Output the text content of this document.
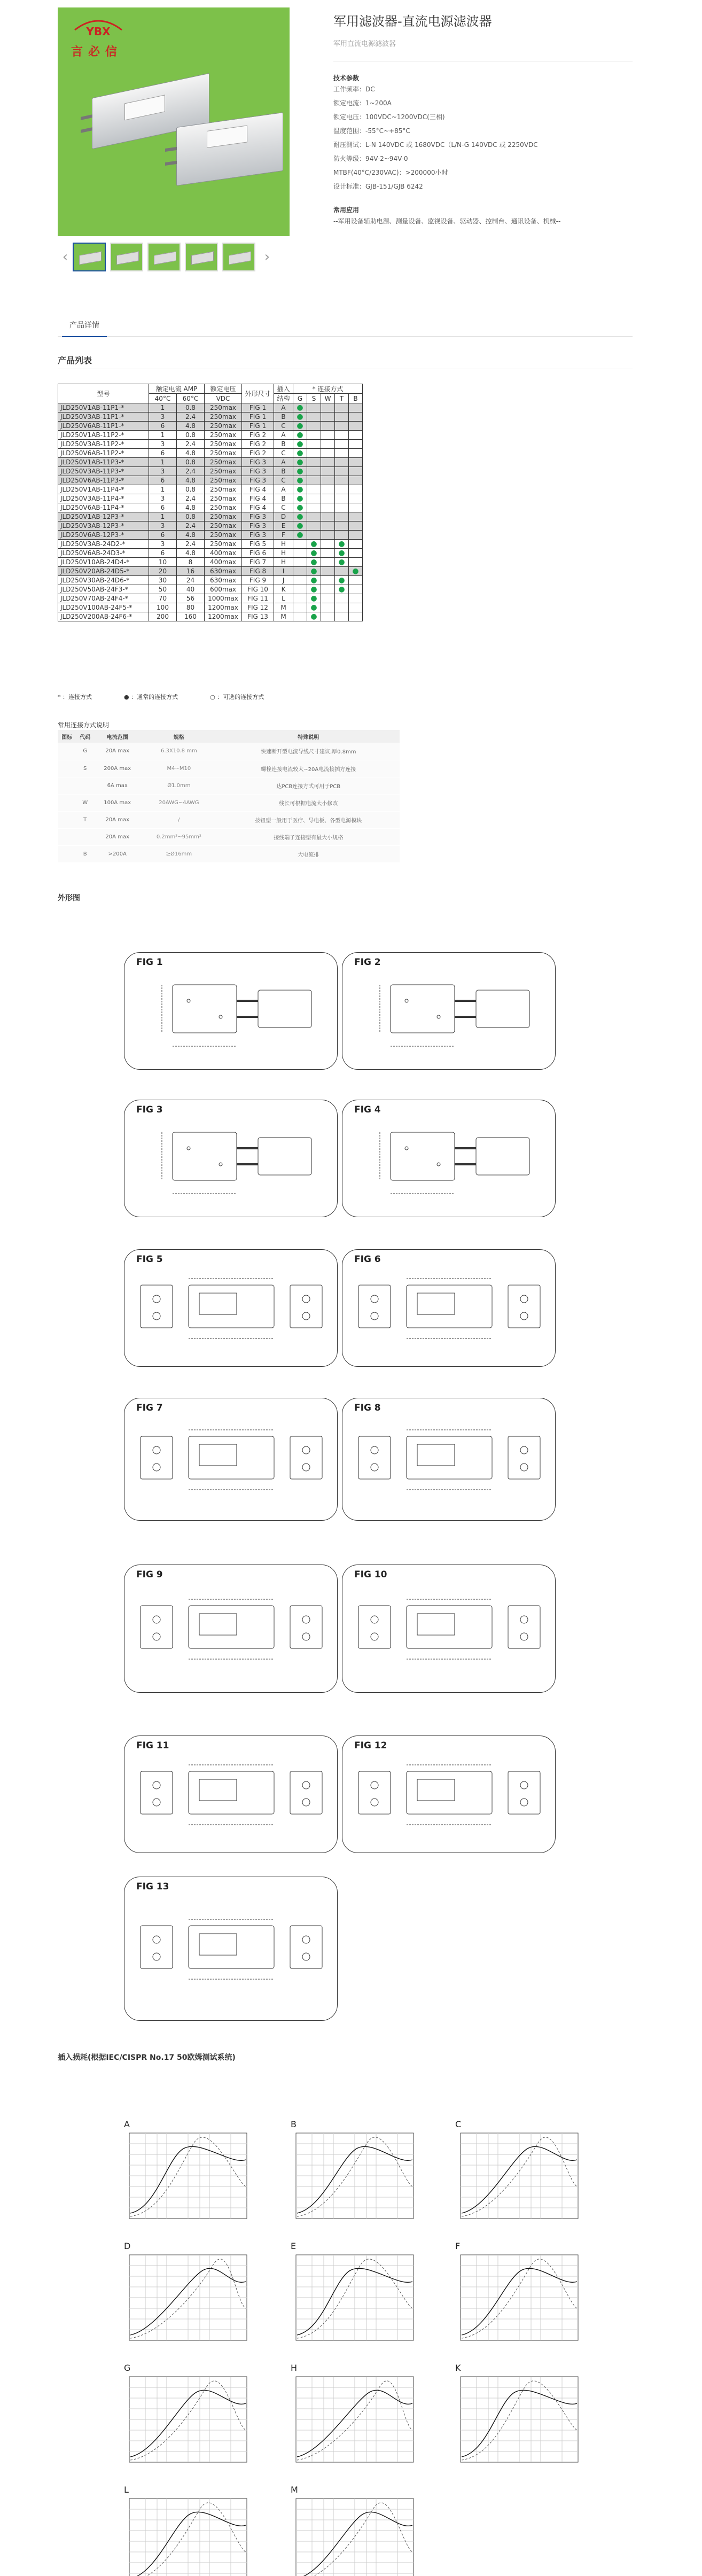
YBX
言必信
‹	›
军用滤波器-直流电源滤波器
军用直流电源滤波器
技术参数
工作频率：DC
额定电流：1~200A
额定电压：100VDC~1200VDC(三相)
温度范围：-55°C~+85°C
耐压测试：L-N 140VDC 或 1680VDC（L/N-G 140VDC 或 2250VDC
防火等级：94V-2~94V-0
MTBF(40°C/230VAC)：>200000小时
设计标准：GJB-151/GJB 6242
常用应用
--军用设备辅助电源、测量设备、监视设备、驱动器、控制台、通讯设备、机械--
产品详情
产品列表
型号	额定电流 AMP		额定电压	外形尺寸	插入	* 连接方式				
	40°C	60°C	VDC		结构	G	S	W	T	B
JLD250V1AB-11P1-*	1	0.8	250max	FIG 1	A	●				
JLD250V3AB-11P1-*	3	2.4	250max	FIG 1	B	●				
JLD250V6AB-11P1-*	6	4.8	250max	FIG 1	C	●				
JLD250V1AB-11P2-*	1	0.8	250max	FIG 2	A	●				
JLD250V3AB-11P2-*	3	2.4	250max	FIG 2	B	●				
JLD250V6AB-11P2-*	6	4.8	250max	FIG 2	C	●				
JLD250V1AB-11P3-*	1	0.8	250max	FIG 3	A	●				
JLD250V3AB-11P3-*	3	2.4	250max	FIG 3	B	●				
JLD250V6AB-11P3-*	6	4.8	250max	FIG 3	C	●				
JLD250V1AB-11P4-*	1	0.8	250max	FIG 4	A	●				
JLD250V3AB-11P4-*	3	2.4	250max	FIG 4	B	●				
JLD250V6AB-11P4-*	6	4.8	250max	FIG 4	C	●				
JLD250V1AB-12P3-*	1	0.8	250max	FIG 3	D	●				
JLD250V3AB-12P3-*	3	2.4	250max	FIG 3	E	●				
JLD250V6AB-12P3-*	6	4.8	250max	FIG 3	F	●				
JLD250V3AB-24D2-*	3	2.4	250max	FIG 5	H		●		●	
JLD250V6AB-24D3-*	6	4.8	400max	FIG 6	H		●		●	
JLD250V10AB-24D4-*	10	8	400max	FIG 7	H		●		●	
JLD250V20AB-24D5-*	20	16	630max	FIG 8	I		●			●
JLD250V30AB-24D6-*	30	24	630max	FIG 9	J		●		●	
JLD250V50AB-24F3-*	50	40	600max	FIG 10	K		●		●	
JLD250V70AB-24F4-*	70	56	1000max	FIG 11	L		●			
JLD250V100AB-24F5-*	100	80	1200max	FIG 12	M		●			
JLD250V200AB-24F6-*	200	160	1200max	FIG 13	M		●			
* ：连接方式	● ：通常的连接方式	○ ：可选的连接方式
常用连接方式说明
图标	代码	电流范围	规格	特殊说明
	G	20A max	6.3X10.8 mm	快速断开型电流导线尺寸建议,厚0.8mm
	S	200A max	M4~M10	螺栓连接电流较大~20A电流接插方连接
		6A max	Ø1.0mm	达PCB连接方式可用于PCB
	W	100A max	20AWG~4AWG	线长可根据电流大小修改
	T	20A max	/	按钮型一般用于医疗、导电板、各型电源模块
		20A max	0.2mm²~95mm²	接线端子连接型有最大小规格
	B	>200A	≥Ø16mm	大电流排
外形图
FIG 1	FIG 2
FIG 3	FIG 4
FIG 5	FIG 6
FIG 7	FIG 8
FIG 9	FIG 10
FIG 11	FIG 12
FIG 13
插入损耗(根据IEC/CISPR No.17 50欧姆测试系统)
A	B	C
D	E	F
G	H	K
L	M
